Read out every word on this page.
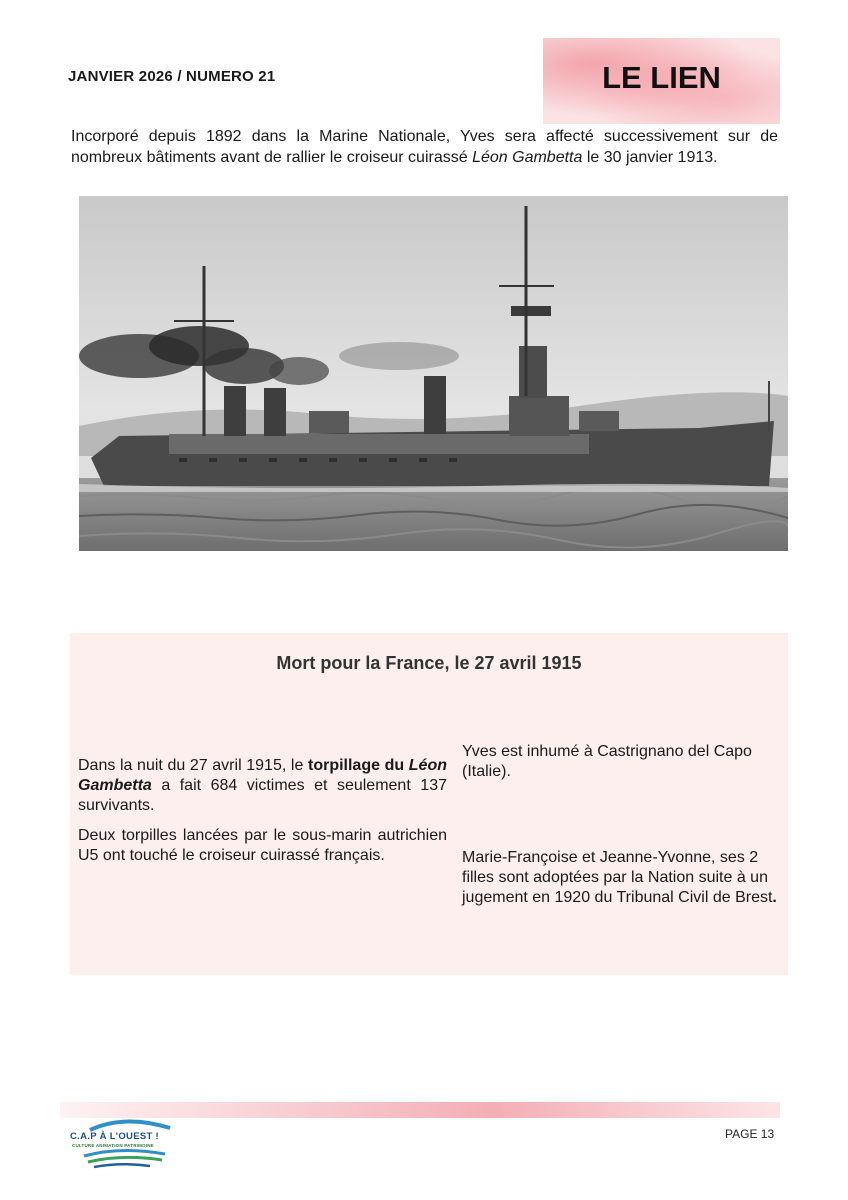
JANVIER 2026 / NUMERO 21	LE LIEN

Incorporé depuis 1892 dans la Marine Nationale, Yves sera affecté successivement sur de nombreux bâtiments avant de rallier le croiseur cuirassé Léon Gambetta le 30 janvier 1913.

Mort pour la France, le 27 avril 1915

Dans la nuit du 27 avril 1915, le torpillage du Léon Gambetta a fait 684 victimes et seulement 137 survivants.

Deux torpilles lancées par le sous-marin autrichien U5 ont touché le croiseur cuirassé français.

Yves est inhumé à Castrignano del Capo (Italie).

Marie-Françoise et Jeanne-Yvonne, ses 2 filles sont adoptées par la Nation suite à un jugement en 1920 du Tribunal Civil de Brest.

C.A.P À L'OUEST !
CULTURE ANIMATION PATRIMOINE
PAGE 13
